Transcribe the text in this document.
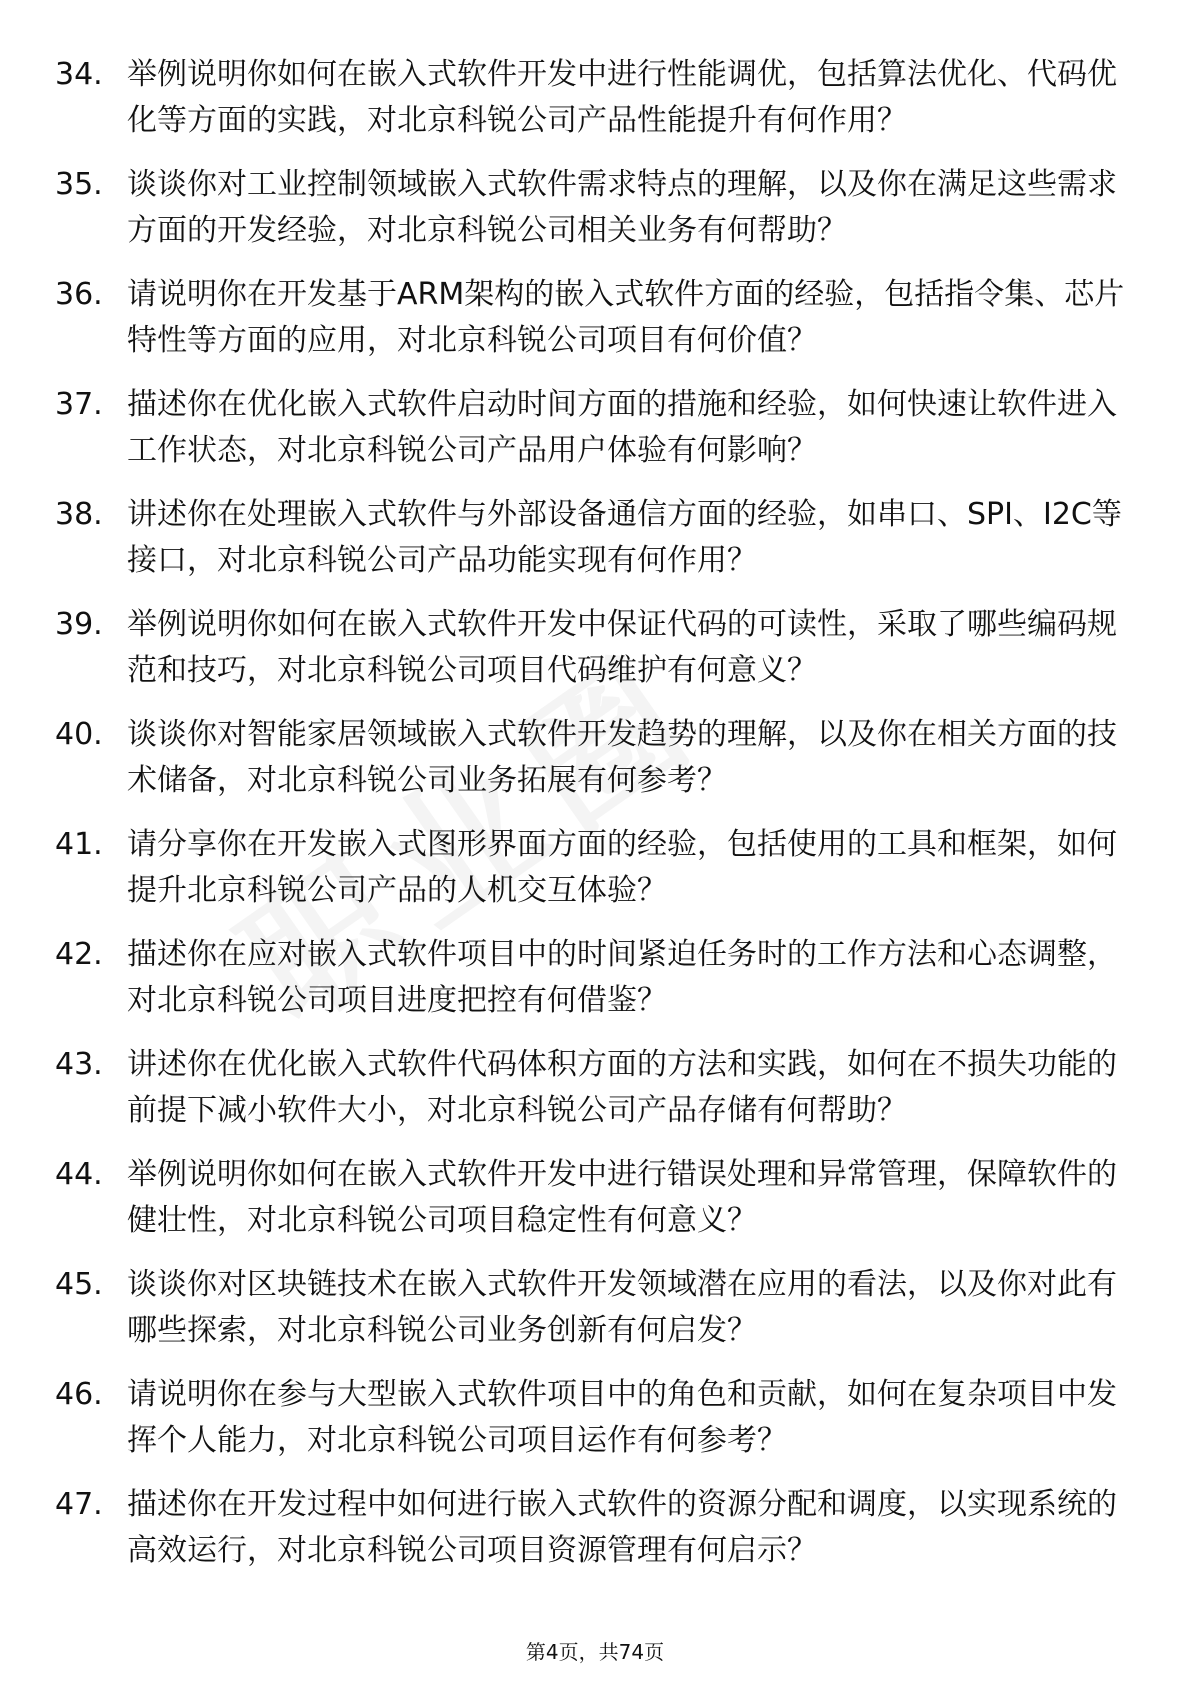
34. 举例说明你如何在嵌入式软件开发中进行性能调优，包括算法优化、代码优化等方面的实践，对北京科锐公司产品性能提升有何作用？
35. 谈谈你对工业控制领域嵌入式软件需求特点的理解，以及你在满足这些需求方面的开发经验，对北京科锐公司相关业务有何帮助？
36. 请说明你在开发基于ARM架构的嵌入式软件方面的经验，包括指令集、芯片特性等方面的应用，对北京科锐公司项目有何价值？
37. 描述你在优化嵌入式软件启动时间方面的措施和经验，如何快速让软件进入工作状态，对北京科锐公司产品用户体验有何影响？
38. 讲述你在处理嵌入式软件与外部设备通信方面的经验，如串口、SPI、I2C等接口，对北京科锐公司产品功能实现有何作用？
39. 举例说明你如何在嵌入式软件开发中保证代码的可读性，采取了哪些编码规范和技巧，对北京科锐公司项目代码维护有何意义？
40. 谈谈你对智能家居领域嵌入式软件开发趋势的理解，以及你在相关方面的技术储备，对北京科锐公司业务拓展有何参考？
41. 请分享你在开发嵌入式图形界面方面的经验，包括使用的工具和框架，如何提升北京科锐公司产品的人机交互体验？
42. 描述你在应对嵌入式软件项目中的时间紧迫任务时的工作方法和心态调整，对北京科锐公司项目进度把控有何借鉴？
43. 讲述你在优化嵌入式软件代码体积方面的方法和实践，如何在不损失功能的前提下减小软件大小，对北京科锐公司产品存储有何帮助？
44. 举例说明你如何在嵌入式软件开发中进行错误处理和异常管理，保障软件的健壮性，对北京科锐公司项目稳定性有何意义？
45. 谈谈你对区块链技术在嵌入式软件开发领域潜在应用的看法，以及你对此有哪些探索，对北京科锐公司业务创新有何启发？
46. 请说明你在参与大型嵌入式软件项目中的角色和贡献，如何在复杂项目中发挥个人能力，对北京科锐公司项目运作有何参考？
47. 描述你在开发过程中如何进行嵌入式软件的资源分配和调度，以实现系统的高效运行，对北京科锐公司项目资源管理有何启示？
第4页，共74页
